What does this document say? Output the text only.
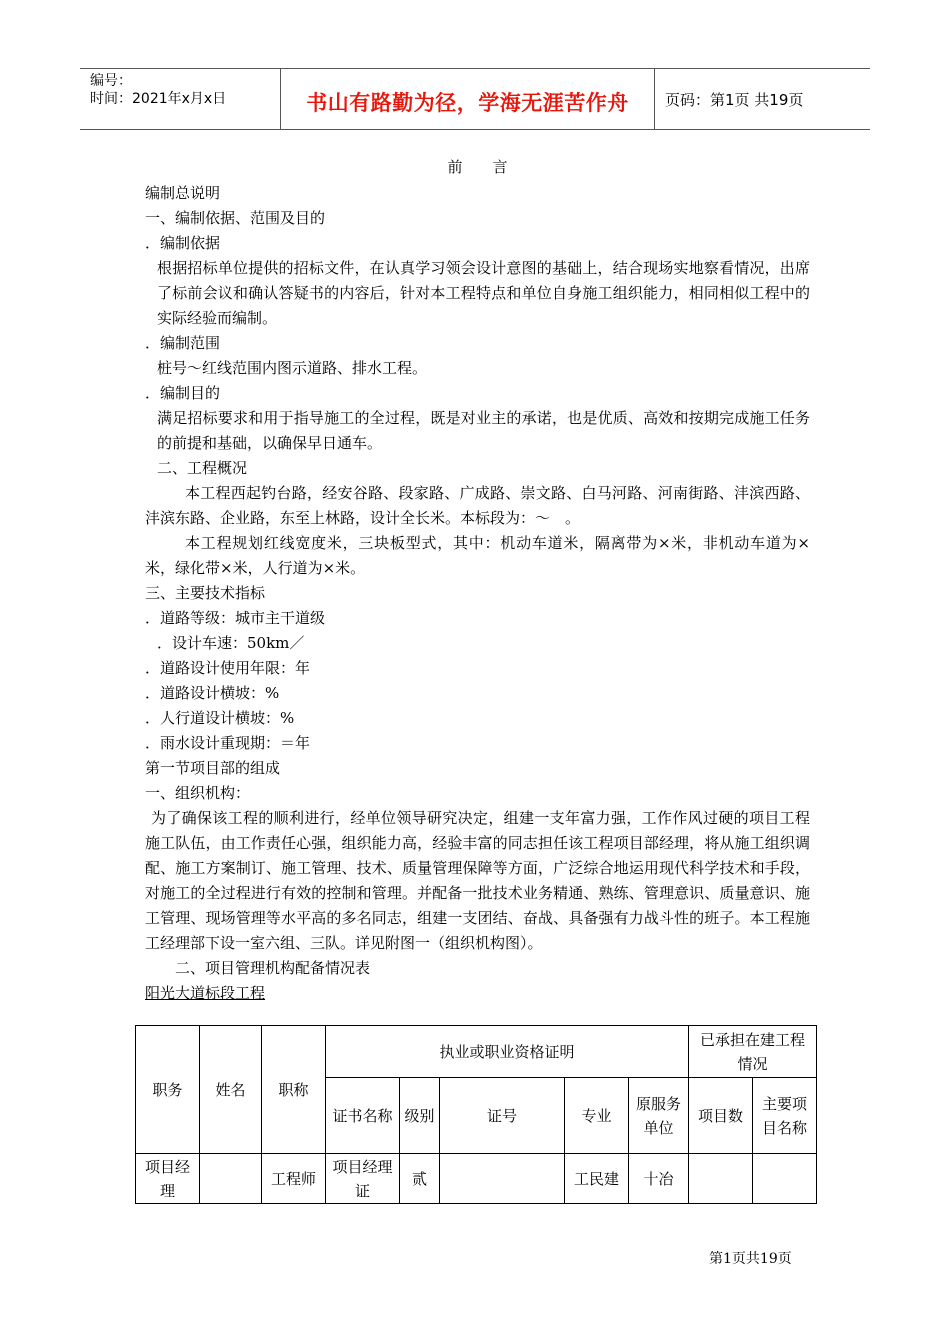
编号：
时间：2021年x月x日	书山有路勤为径，学海无涯苦作舟	页码：第1页 共19页
前言
编制总说明
一、编制依据、范围及目的
．编制依据
根据招标单位提供的招标文件，在认真学习领会设计意图的基础上，结合现场实地察看情况，出席了标前会议和确认答疑书的内容后，针对本工程特点和单位自身施工组织能力，相同相似工程中的实际经验而编制。
．编制范围
桩号～红线范围内图示道路、排水工程。
．编制目的
满足招标要求和用于指导施工的全过程，既是对业主的承诺，也是优质、高效和按期完成施工任务的前提和基础，以确保早日通车。
二、工程概况
本工程西起钓台路，经安谷路、段家路、广成路、崇文路、白马河路、河南街路、沣滨西路、沣滨东路、企业路，东至上林路，设计全长米。本标段为：～　。
本工程规划红线宽度米，三块板型式，其中：机动车道米，隔离带为×米，非机动车道为×米，绿化带×米，人行道为×米。
三、主要技术指标
．道路等级：城市主干道级
．设计车速：50km／
．道路设计使用年限：年
．道路设计横坡：%
．人行道设计横坡：%
．雨水设计重现期：＝年
第一节项目部的组成
一、组织机构：
为了确保该工程的顺利进行，经单位领导研究决定，组建一支年富力强，工作作风过硬的项目工程施工队伍，由工作责任心强，组织能力高，经验丰富的同志担任该工程项目部经理，将从施工组织调配、施工方案制订、施工管理、技术、质量管理保障等方面，广泛综合地运用现代科学技术和手段，对施工的全过程进行有效的控制和管理。并配备一批技术业务精通、熟练、管理意识、质量意识、施工管理、现场管理等水平高的多名同志，组建一支团结、奋战、具备强有力战斗性的班子。本工程施工经理部下设一室六组、三队。详见附图一（组织机构图）。
二、项目管理机构配备情况表
阳光大道标段工程
职务	姓名	职称	执业或职业资格证明					已承担在建工程情况	
			证书名称	级别	证号	专业	原服务单位	项目数	主要项目名称
项目经理		工程师	项目经理证	贰		工民建	十冶		
第1页共19页
